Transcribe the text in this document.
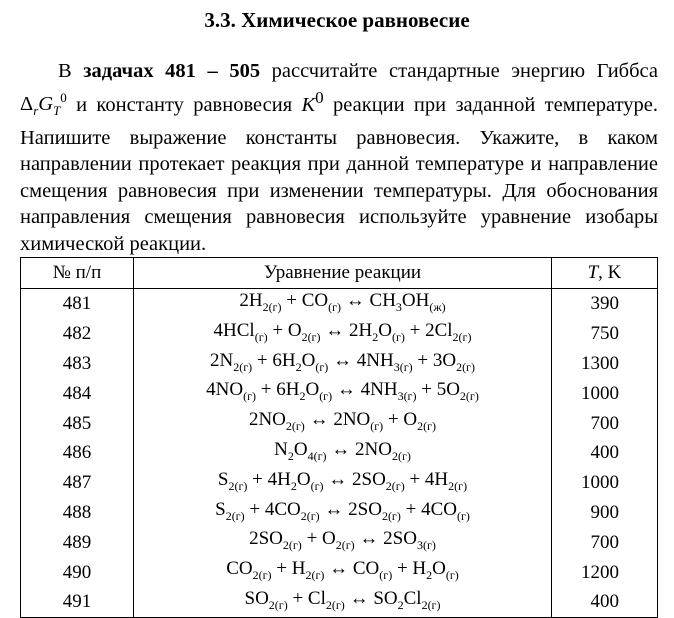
3.3. Химическое равновесие
В задачах 481 – 505 рассчитайте стандартные энергию Гиббса $\Delta_rG_T^0$ и константу равновесия $K^0$ реакции при заданной температуре. Напишите выражение константы равновесия. Укажите, в каком направлении протекает реакция при данной температуре и направление смещения равновесия при изменении температуры. Для обоснования направления смещения равновесия используйте уравнение изобары химической реакции.
№ п/п	Уравнение реакции	T, K
481	$2H_{2(г)} + CO_{(г)}$ ↔ $CH_3OH_{(ж)}$	390
482	$4HCl_{(г)} + O_{2(г)}$ ↔ $2H_2O_{(г)} + 2Cl_{2(г)}$	750
483	$2N_{2(г)} + 6H_2O_{(г)}$ ↔ $4NH_{3(г)} + 3O_{2(г)}$	1300
484	$4NO_{(г)} + 6H_2O_{(г)}$ ↔ $4NH_{3(г)} + 5O_{2(г)}$	1000
485	$2NO_{2(г)}$ ↔ $2NO_{(г)} + O_{2(г)}$	700
486	$N_2O_{4(г)}$ ↔ $2NO_{2(г)}$	400
487	$S_{2(г)} + 4H_2O_{(г)}$ ↔ $2SO_{2(г)} + 4H_{2(г)}$	1000
488	$S_{2(г)} + 4CO_{2(г)}$ ↔ $2SO_{2(г)} + 4CO_{(г)}$	900
489	$2SO_{2(г)} + O_{2(г)}$ ↔ $2SO_{3(г)}$	700
490	$CO_{2(г)} + H_{2(г)}$ ↔ $CO_{(г)} + H_2O_{(г)}$	1200
491	$SO_{2(г)} + Cl_{2(г)}$ ↔ $SO_2Cl_{2(г)}$	400
